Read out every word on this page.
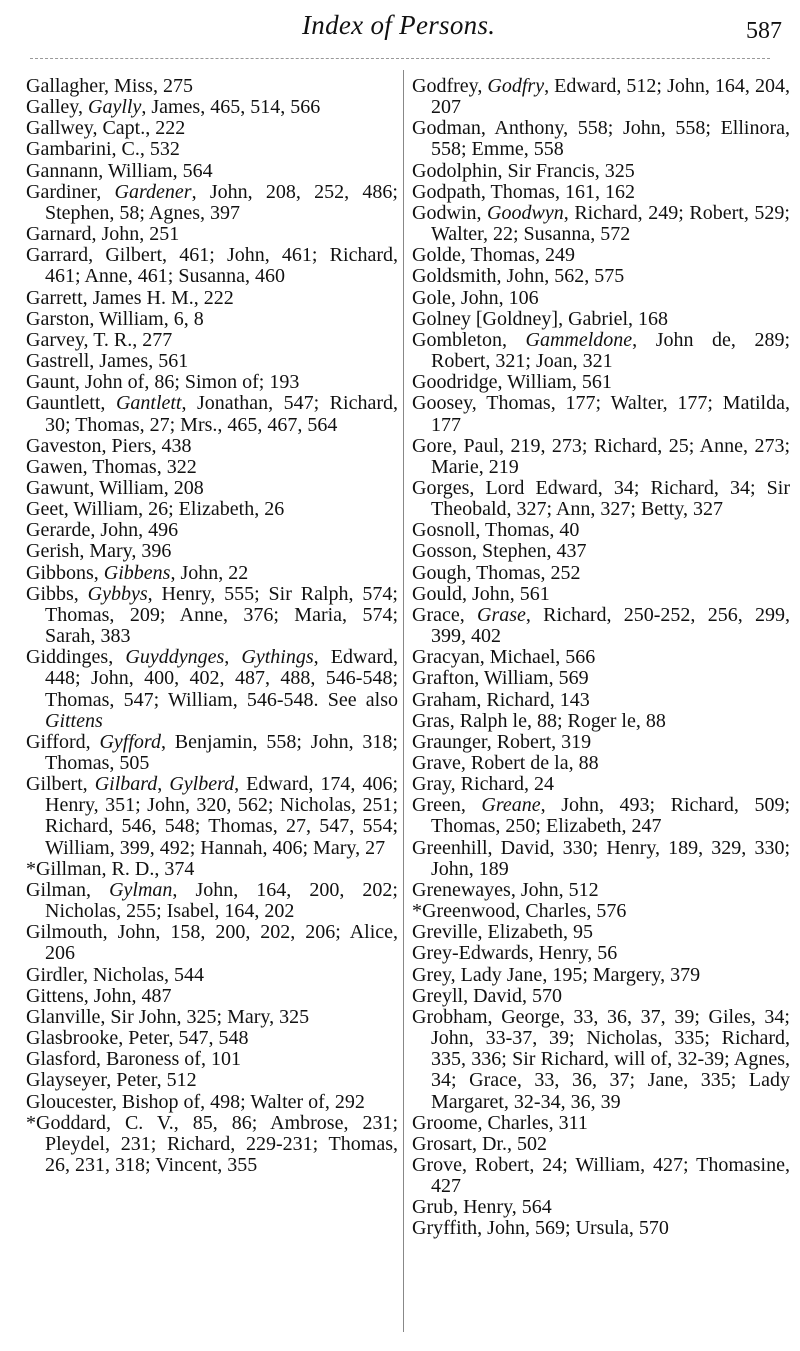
Index of Persons.	587
Gallagher, Miss, 275
Galley, Gaylly, James, 465, 514, 566
Gallwey, Capt., 222
Gambarini, C., 532
Gannann, William, 564
Gardiner, Gardener, John, 208, 252, 486; Stephen, 58; Agnes, 397
Garnard, John, 251
Garrard, Gilbert, 461; John, 461; Richard, 461; Anne, 461; Susanna, 460
Garrett, James H. M., 222
Garston, William, 6, 8
Garvey, T. R., 277
Gastrell, James, 561
Gaunt, John of, 86; Simon of; 193
Gauntlett, Gantlett, Jonathan, 547; Richard, 30; Thomas, 27; Mrs., 465, 467, 564
Gaveston, Piers, 438
Gawen, Thomas, 322
Gawunt, William, 208
Geet, William, 26; Elizabeth, 26
Gerarde, John, 496
Gerish, Mary, 396
Gibbons, Gibbens, John, 22
Gibbs, Gybbys, Henry, 555; Sir Ralph, 574; Thomas, 209; Anne, 376; Maria, 574; Sarah, 383
Giddinges, Guyddynges, Gythings, Edward, 448; John, 400, 402, 487, 488, 546-548; Thomas, 547; William, 546-548. See also Gittens
Gifford, Gyfford, Benjamin, 558; John, 318; Thomas, 505
Gilbert, Gilbard, Gylberd, Edward, 174, 406; Henry, 351; John, 320, 562; Nicholas, 251; Richard, 546, 548; Thomas, 27, 547, 554; William, 399, 492; Hannah, 406; Mary, 27
*Gillman, R. D., 374
Gilman, Gylman, John, 164, 200, 202; Nicholas, 255; Isabel, 164, 202
Gilmouth, John, 158, 200, 202, 206; Alice, 206
Girdler, Nicholas, 544
Gittens, John, 487
Glanville, Sir John, 325; Mary, 325
Glasbrooke, Peter, 547, 548
Glasford, Baroness of, 101
Glayseyer, Peter, 512
Gloucester, Bishop of, 498; Walter of, 292
*Goddard, C. V., 85, 86; Ambrose, 231; Pleydel, 231; Richard, 229-231; Thomas, 26, 231, 318; Vincent, 355
Godfrey, Godfry, Edward, 512; John, 164, 204, 207
Godman, Anthony, 558; John, 558; Ellinora, 558; Emme, 558
Godolphin, Sir Francis, 325
Godpath, Thomas, 161, 162
Godwin, Goodwyn, Richard, 249; Robert, 529; Walter, 22; Susanna, 572
Golde, Thomas, 249
Goldsmith, John, 562, 575
Gole, John, 106
Golney [Goldney], Gabriel, 168
Gombleton, Gammeldone, John de, 289; Robert, 321; Joan, 321
Goodridge, William, 561
Goosey, Thomas, 177; Walter, 177; Matilda, 177
Gore, Paul, 219, 273; Richard, 25; Anne, 273; Marie, 219
Gorges, Lord Edward, 34; Richard, 34; Sir Theobald, 327; Ann, 327; Betty, 327
Gosnoll, Thomas, 40
Gosson, Stephen, 437
Gough, Thomas, 252
Gould, John, 561
Grace, Grase, Richard, 250-252, 256, 299, 399, 402
Gracyan, Michael, 566
Grafton, William, 569
Graham, Richard, 143
Gras, Ralph le, 88; Roger le, 88
Graunger, Robert, 319
Grave, Robert de la, 88
Gray, Richard, 24
Green, Greane, John, 493; Richard, 509; Thomas, 250; Elizabeth, 247
Greenhill, David, 330; Henry, 189, 329, 330; John, 189
Grenewayes, John, 512
*Greenwood, Charles, 576
Greville, Elizabeth, 95
Grey-Edwards, Henry, 56
Grey, Lady Jane, 195; Margery, 379
Greyll, David, 570
Grobham, George, 33, 36, 37, 39; Giles, 34; John, 33-37, 39; Nicholas, 335; Richard, 335, 336; Sir Richard, will of, 32-39; Agnes, 34; Grace, 33, 36, 37; Jane, 335; Lady Margaret, 32-34, 36, 39
Groome, Charles, 311
Grosart, Dr., 502
Grove, Robert, 24; William, 427; Thomasine, 427
Grub, Henry, 564
Gryffith, John, 569; Ursula, 570
